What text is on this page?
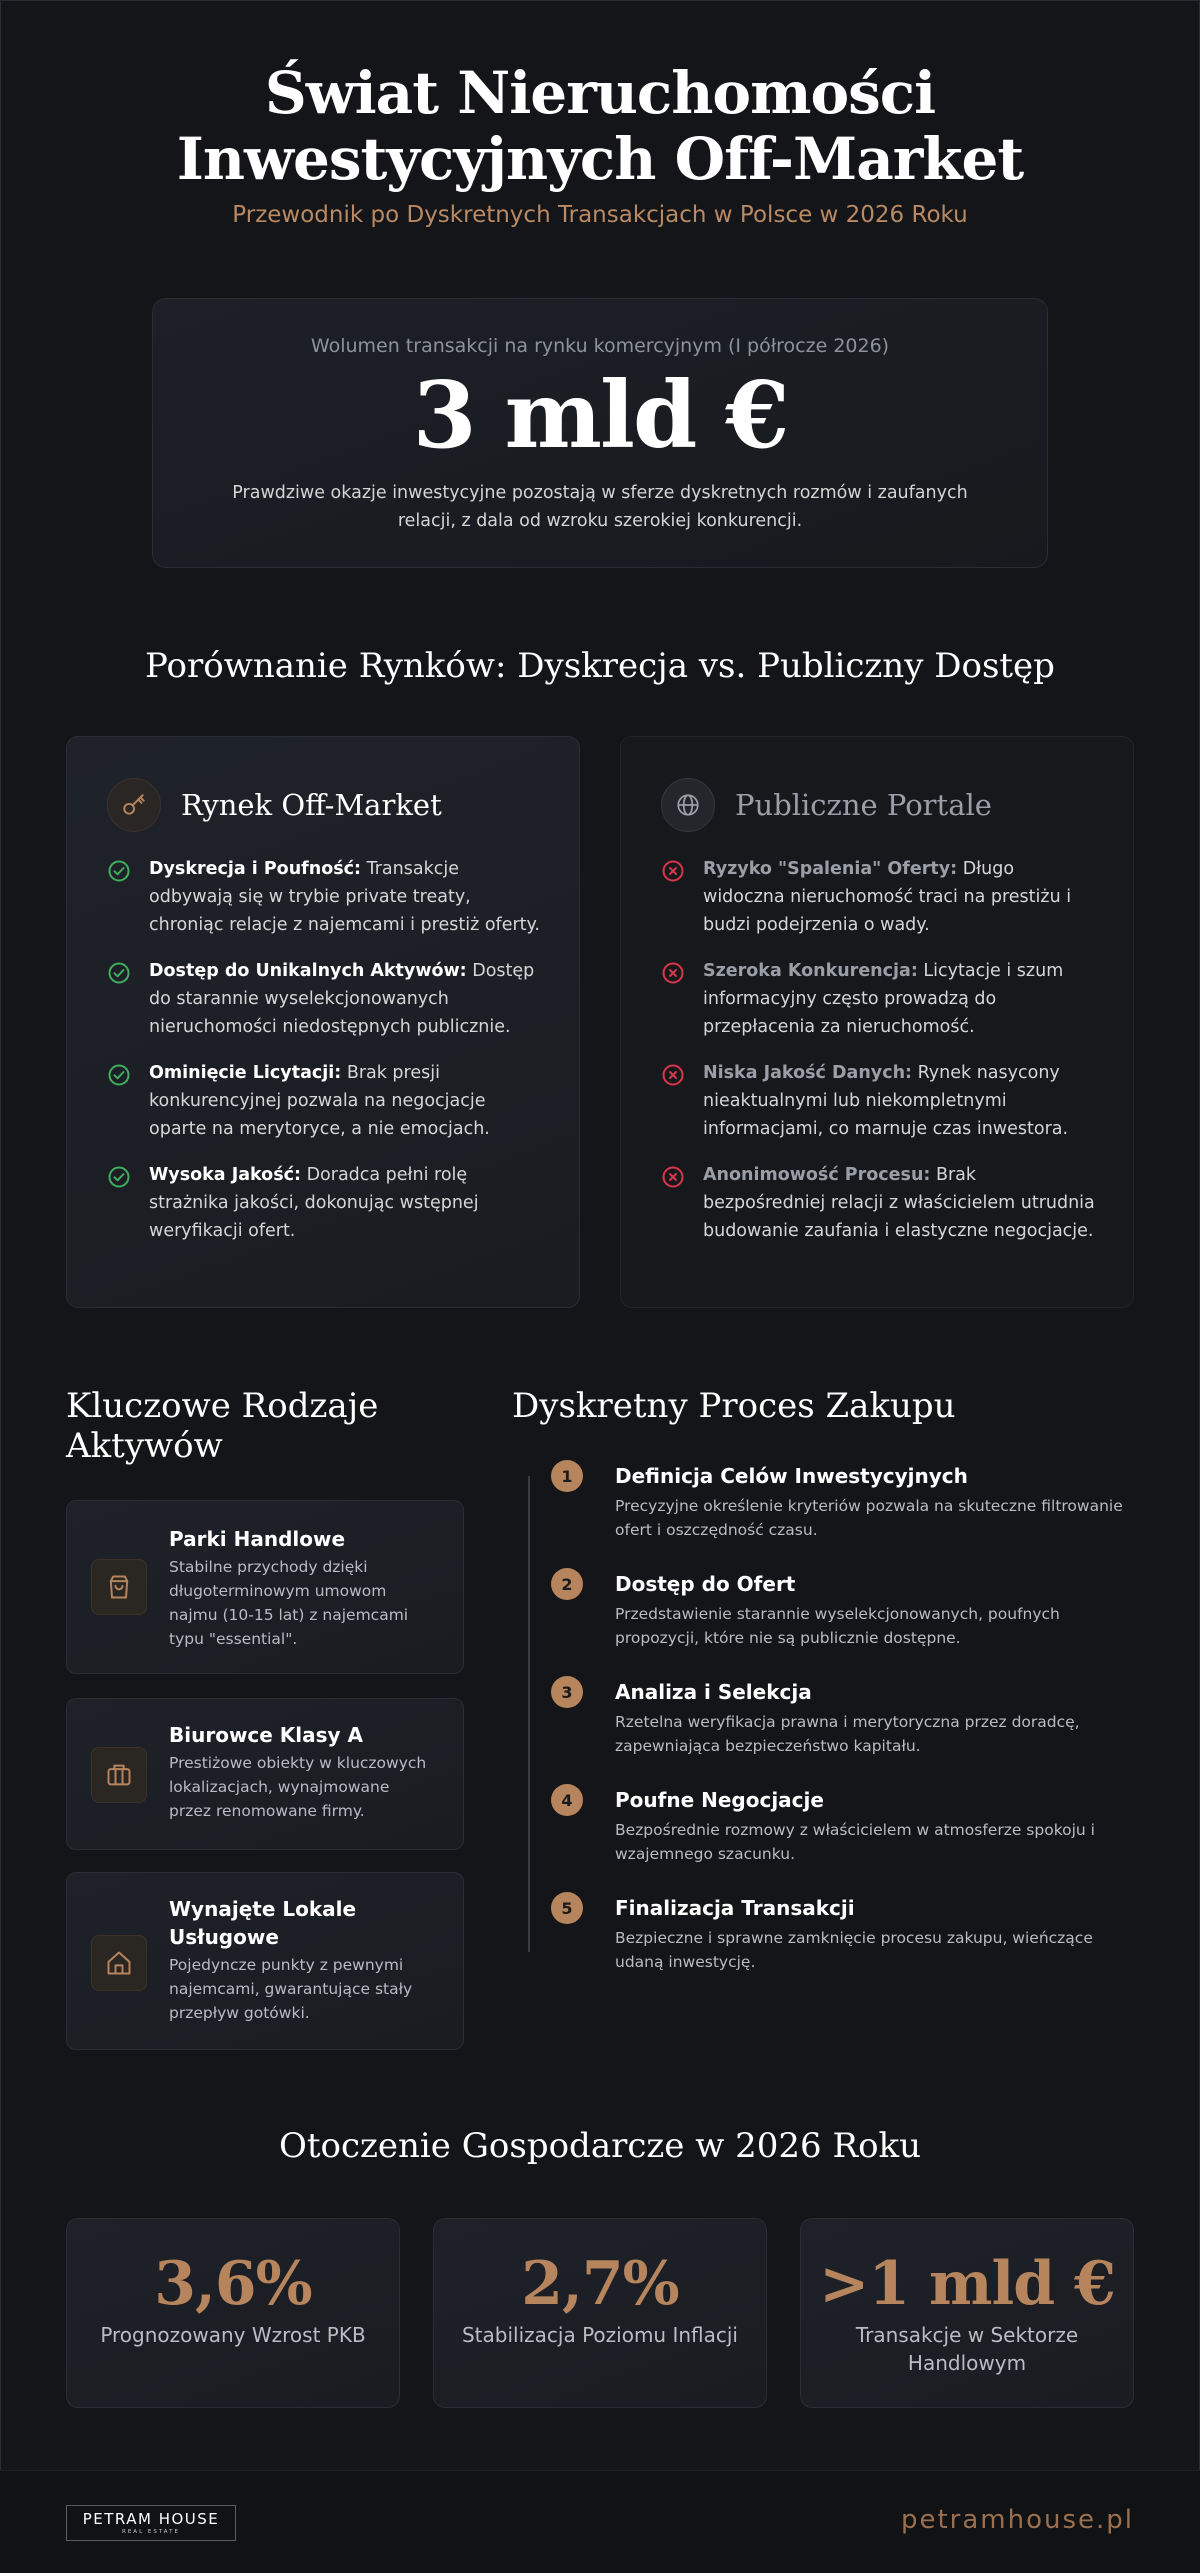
Świat Nieruchomości
Inwestycyjnych Off-Market
Przewodnik po Dyskretnych Transakcjach w Polsce w 2026 Roku
Wolumen transakcji na rynku komercyjnym (I półrocze 2026)
3 mld €
Prawdziwe okazje inwestycyjne pozostają w sferze dyskretnych rozmów i zaufanych relacji, z dala od wzroku szerokiej konkurencji.
Porównanie Rynków: Dyskrecja vs. Publiczny Dostęp
Rynek Off-Market
Dyskrecja i Poufność: Transakcje odbywają się w trybie private treaty, chroniąc relacje z najemcami i prestiż oferty.
Dostęp do Unikalnych Aktywów: Dostęp do starannie wyselekcjonowanych nieruchomości niedostępnych publicznie.
Ominięcie Licytacji: Brak presji konkurencyjnej pozwala na negocjacje oparte na merytoryce, a nie emocjach.
Wysoka Jakość: Doradca pełni rolę strażnika jakości, dokonując wstępnej weryfikacji ofert.
Publiczne Portale
Ryzyko "Spalenia" Oferty: Długo widoczna nieruchomość traci na prestiżu i budzi podejrzenia o wady.
Szeroka Konkurencja: Licytacje i szum informacyjny często prowadzą do przepłacenia za nieruchomość.
Niska Jakość Danych: Rynek nasycony nieaktualnymi lub niekompletnymi informacjami, co marnuje czas inwestora.
Anonimowość Procesu: Brak bezpośredniej relacji z właścicielem utrudnia budowanie zaufania i elastyczne negocjacje.
Kluczowe Rodzaje
Aktywów
Parki Handlowe
Stabilne przychody dzięki długoterminowym umowom najmu (10-15 lat) z najemcami typu "essential".
Biurowce Klasy A
Prestiżowe obiekty w kluczowych lokalizacjach, wynajmowane przez renomowane firmy.
Wynajęte Lokale Usługowe
Pojedyncze punkty z pewnymi najemcami, gwarantujące stały przepływ gotówki.
Dyskretny Proces Zakupu
1	Definicja Celów Inwestycyjnych
Precyzyjne określenie kryteriów pozwala na skuteczne filtrowanie ofert i oszczędność czasu.
2	Dostęp do Ofert
Przedstawienie starannie wyselekcjonowanych, poufnych propozycji, które nie są publicznie dostępne.
3	Analiza i Selekcja
Rzetelna weryfikacja prawna i merytoryczna przez doradcę, zapewniająca bezpieczeństwo kapitału.
4	Poufne Negocjacje
Bezpośrednie rozmowy z właścicielem w atmosferze spokoju i wzajemnego szacunku.
5	Finalizacja Transakcji
Bezpieczne i sprawne zamknięcie procesu zakupu, wieńczące udaną inwestycję.
Otoczenie Gospodarcze w 2026 Roku
3,6%
Prognozowany Wzrost PKB
2,7%
Stabilizacja Poziomu Inflacji
>1 mld €
Transakcje w Sektorze Handlowym
PETRAM HOUSE
REAL ESTATE	petramhouse.pl
